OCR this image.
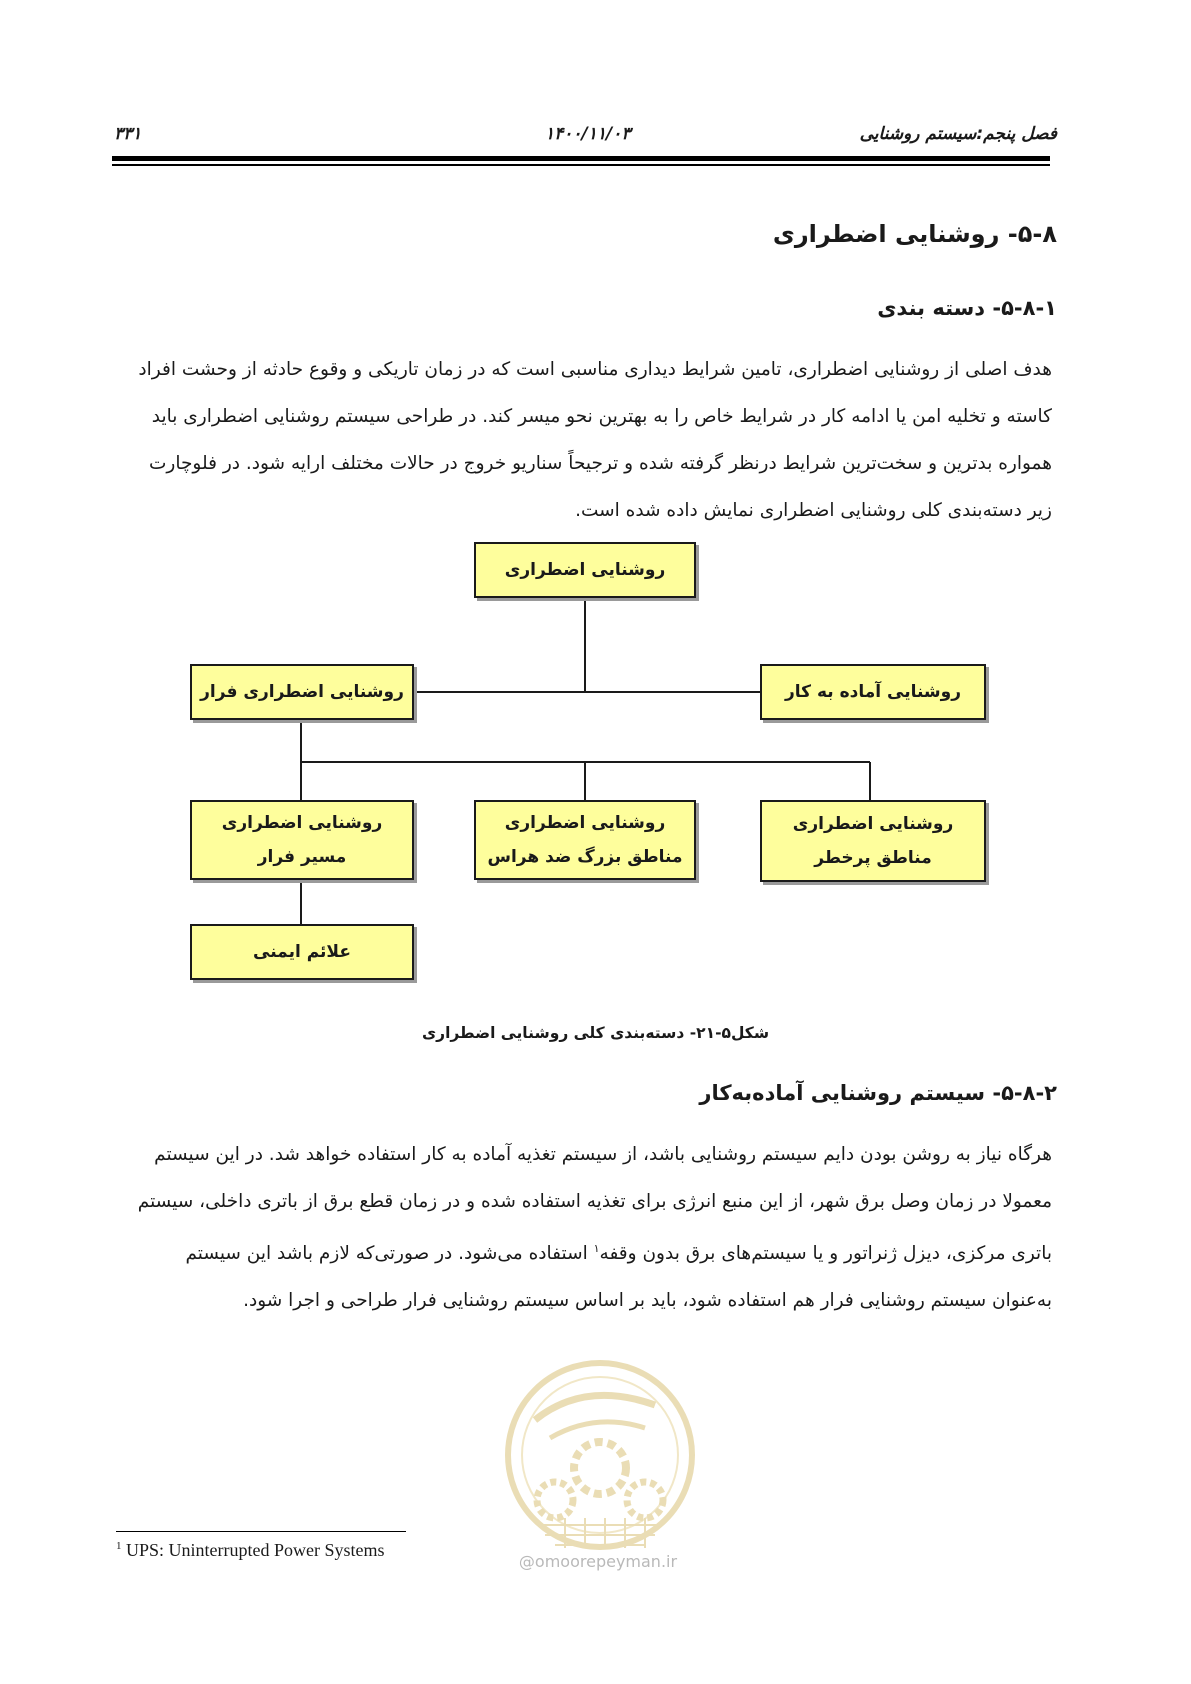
۳۳۱	۱۴۰۰/۱۱/۰۳	فصل پنجم:سیستم روشنایی
۵-۸- روشنایی اضطراری
۵-۸-۱- دسته بندی
هدف اصلی از روشنایی اضطراری، تامین شرایط دیداری مناسبی است که در زمان تاریکی و وقوع حادثه از وحشت افراد
کاسته و تخلیه امن یا ادامه کار در شرایط خاص را به بهترین نحو میسر کند. در طراحی سیستم روشنایی اضطراری باید
همواره بدترین و سخت‌ترین شرایط درنظر گرفته شده و ترجیحاً سناریو خروج در حالات مختلف ارایه شود. در فلوچارت
زیر دسته‌بندی کلی روشنایی اضطراری نمایش داده شده است.
روشنایی اضطراری
روشنایی اضطراری فرار	روشنایی آماده به کار
روشنایی اضطراری مسیر فرار
روشنایی اضطراری مناطق بزرگ ضد هراس
روشنایی اضطراری مناطق پرخطر
علائم ایمنی
شکل۵-۲۱- دسته‌بندی کلی روشنایی اضطراری
۵-۸-۲- سیستم روشنایی آماده‌به‌کار
هرگاه نیاز به روشن بودن دایم سیستم روشنایی باشد، از سیستم تغذیه آماده به کار استفاده خواهد شد. در این سیستم
معمولا در زمان وصل برق شهر، از این منبع انرژی برای تغذیه استفاده شده و در زمان قطع برق از باتری داخلی، سیستم
باتری مرکزی، دیزل ژنراتور و یا سیستم‌های برق بدون وقفه$^۱$ استفاده می‌شود. در صورتی‌که لازم باشد این سیستم
به‌عنوان سیستم روشنایی فرار هم استفاده شود، باید بر اساس سیستم روشنایی فرار طراحی و اجرا شود.
@omoorepeyman.ir
$^1$ UPS: Uninterrupted Power Systems
